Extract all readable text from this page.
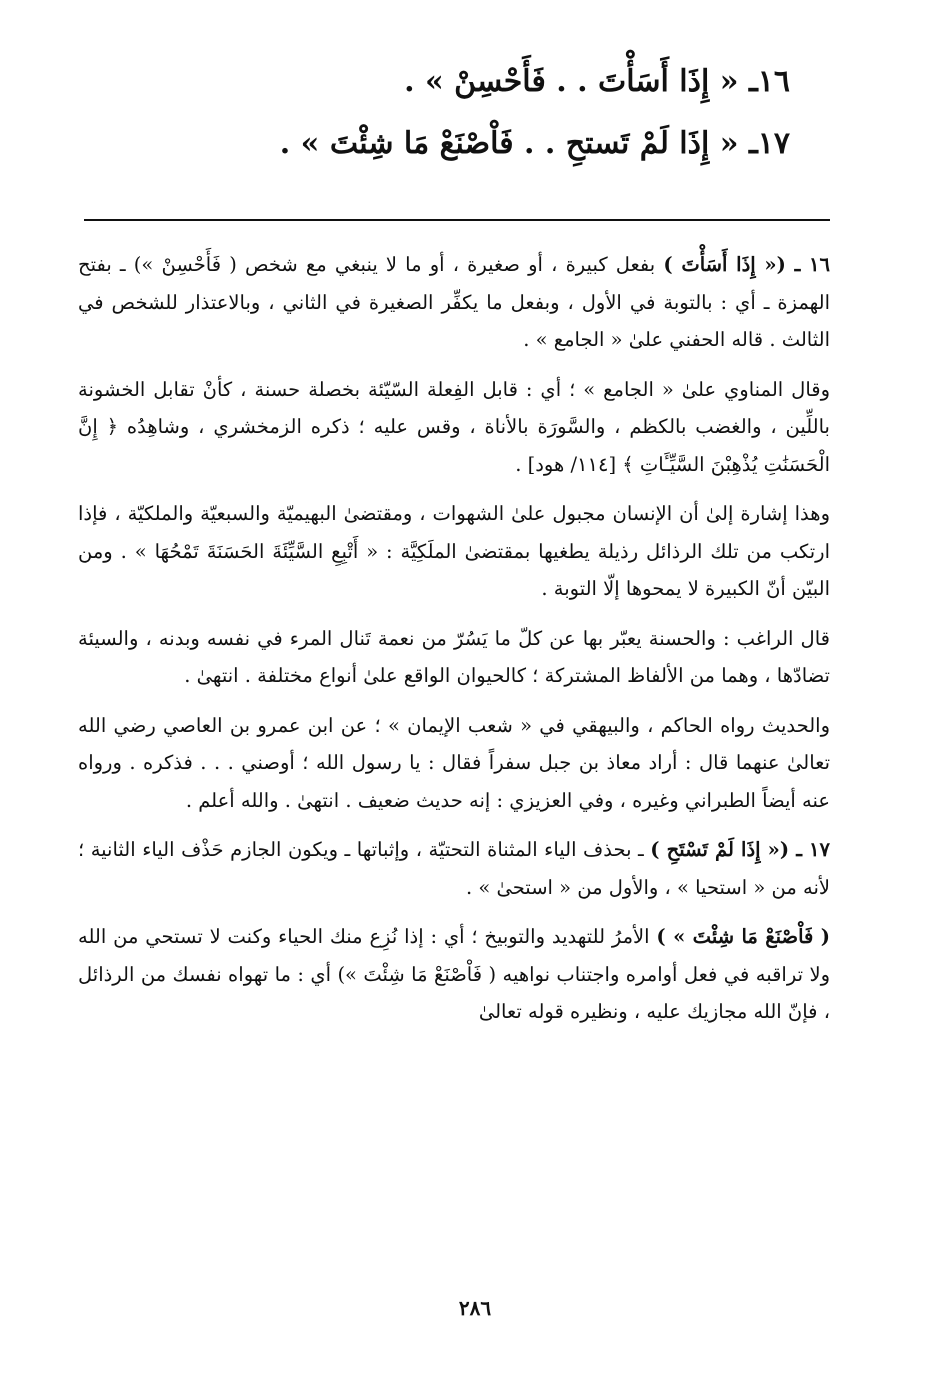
١٦ـ « إِذَا أَسَأْتَ . . فَأَحْسِنْ » .
١٧ـ « إِذَا لَمْ تَستحِ . . فَاْصْنَعْ مَا شِئْتَ » .

١٦ ـ (« إِذَا أَسَأْتَ ) بفعل كبيرة ، أو صغيرة ، أو ما لا ينبغي مع شخص ( فَأَحْسِنْ ») ـ بفتح الهمزة ـ أي : بالتوبة في الأول ، وبفعل ما يكفِّر الصغيرة في الثاني ، وبالاعتذار للشخص في الثالث . قاله الحفني علىٰ « الجامع » .

وقال المناوي علىٰ « الجامع » ؛ أي : قابل الفِعلة السّيّئة بخصلة حسنة ، كأنْ تقابل الخشونة باللِّين ، والغضب بالكظم ، والسَّورَة بالأناة ، وقس عليه ؛ ذكره الزمخشري ، وشاهِدُه ﴿ إِنَّ الْحَسَنَٰتِ يُذْهِبْنَ السَّيِّـَٔاتِ ﴾ [١١٤/ هود] .

وهذا إشارة إلىٰ أن الإنسان مجبول علىٰ الشهوات ، ومقتضىٰ البهيميّة والسبعيّة والملكيّة ، فإذا ارتكب من تلك الرذائل رذيلة يطغيها بمقتضىٰ الملَكِيَّة : « أَتْبِعِ السَّيِّئَةَ الحَسَنَةَ تَمْحُهَا » . ومن البيّن أنّ الكبيرة لا يمحوها إلّا التوبة .

قال الراغب : والحسنة يعبّر بها عن كلّ ما يَسُرّ من نعمة تَنال المرء في نفسه وبدنه ، والسيئة تضادّها ، وهما من الألفاظ المشتركة ؛ كالحيوان الواقع علىٰ أنواع مختلفة . انتهىٰ .

والحديث رواه الحاكم ، والبيهقي في « شعب الإيمان » ؛ عن ابن عمرو بن العاصي رضي الله تعالىٰ عنهما قال : أراد معاذ بن جبل سفراً فقال : يا رسول الله ؛ أوصني . . . فذكره . ورواه عنه أيضاً الطبراني وغيره ، وفي العزيزي : إنه حديث ضعيف . انتهىٰ . والله أعلم .

١٧ ـ (« إِذَا لَمْ تَسْتَحِ ) ـ بحذف الياء المثناة التحتيّة ، وإثباتها ـ ويكون الجازم حَذْف الياء الثانية ؛ لأنه من « استحيا » ، والأول من « استحىٰ » .

( فَاْصْنَعْ مَا شِئْتَ » ) الأمرُ للتهديد والتوبيخ ؛ أي : إذا نُزِع منك الحياء وكنت لا تستحي من الله ولا تراقبه في فعل أوامره واجتناب نواهيه ( فَاْصْنَعْ مَا شِئْتَ ») أي : ما تهواه نفسك من الرذائل ، فإنّ الله مجازيك عليه ، ونظيره قوله تعالىٰ

٢٨٦
